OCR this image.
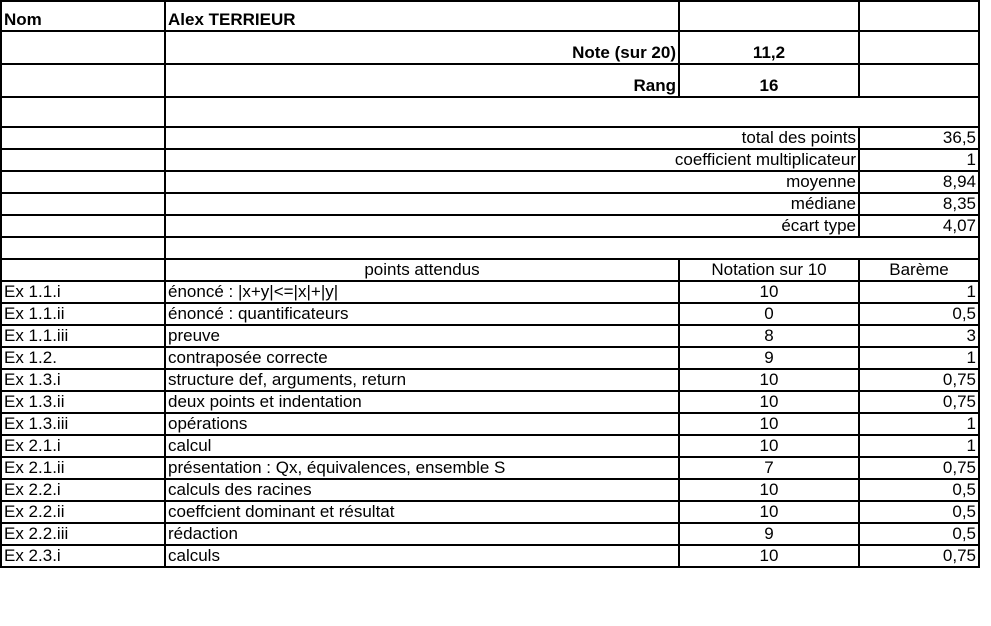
Nom	Alex TERRIEUR		
	Note (sur 20)	11,2	
	Rang	16	

	total des points		36,5
	coefficient multiplicateur		1
	moyenne		8,94
	médiane		8,35
	écart type		4,07

	points attendus	Notation sur 10	Barème
Ex 1.1.i	énoncé : |x+y|<=|x|+|y|	10	1
Ex 1.1.ii	énoncé : quantificateurs	0	0,5
Ex 1.1.iii	preuve	8	3
Ex 1.2.	contraposée correcte	9	1
Ex 1.3.i	structure def, arguments, return	10	0,75
Ex 1.3.ii	deux points et indentation	10	0,75
Ex 1.3.iii	opérations	10	1
Ex 2.1.i	calcul	10	1
Ex 2.1.ii	présentation : Qx, équivalences, ensemble S	7	0,75
Ex 2.2.i	calculs des racines	10	0,5
Ex 2.2.ii	coeffcient dominant et résultat	10	0,5
Ex 2.2.iii	rédaction	9	0,5
Ex 2.3.i	calculs	10	0,75
